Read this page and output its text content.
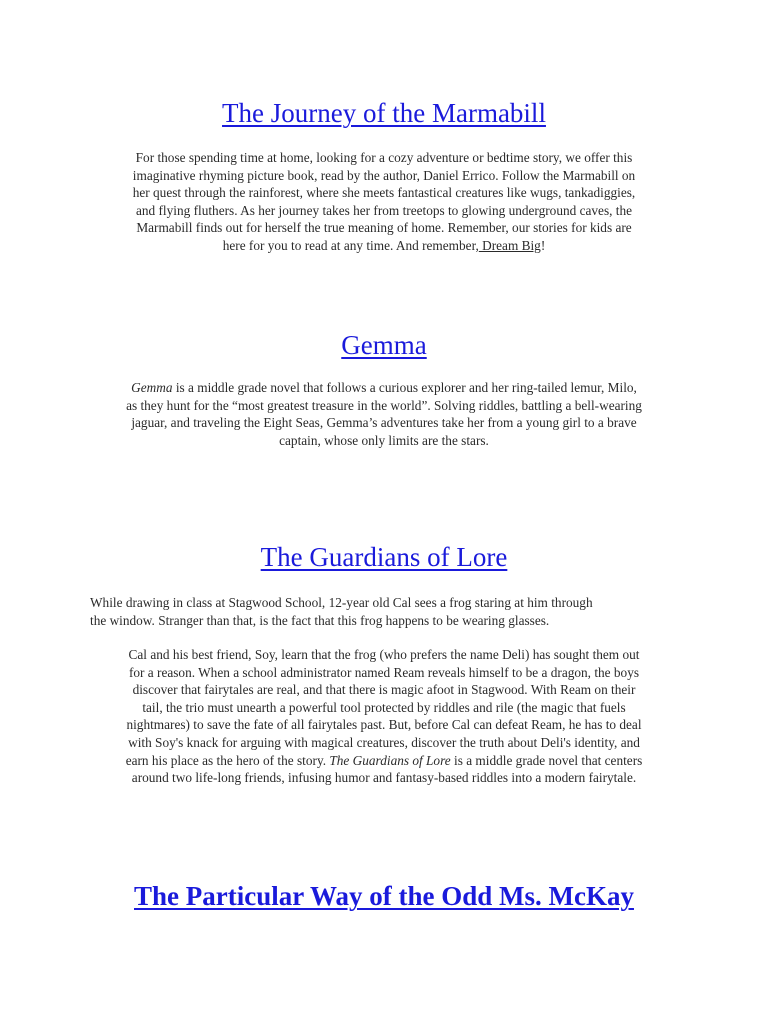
The Journey of the Marmabill
For those spending time at home, looking for a cozy adventure or bedtime story, we offer this
imaginative rhyming picture book, read by the author, Daniel Errico. Follow the Marmabill on
her quest through the rainforest, where she meets fantastical creatures like wugs, tankadiggies,
and flying fluthers. As her journey takes her from treetops to glowing underground caves, the
Marmabill finds out for herself the true meaning of home. Remember, our stories for kids are
here for you to read at any time. And remember, Dream Big!
Gemma
Gemma is a middle grade novel that follows a curious explorer and her ring-tailed lemur, Milo,
as they hunt for the “most greatest treasure in the world”. Solving riddles, battling a bell-wearing
jaguar, and traveling the Eight Seas, Gemma’s adventures take her from a young girl to a brave
captain, whose only limits are the stars.
The Guardians of Lore
While drawing in class at Stagwood School, 12-year old Cal sees a frog staring at him through
the window. Stranger than that, is the fact that this frog happens to be wearing glasses.
Cal and his best friend, Soy, learn that the frog (who prefers the name Deli) has sought them out
for a reason. When a school administrator named Ream reveals himself to be a dragon, the boys
discover that fairytales are real, and that there is magic afoot in Stagwood. With Ream on their
tail, the trio must unearth a powerful tool protected by riddles and rile (the magic that fuels
nightmares) to save the fate of all fairytales past. But, before Cal can defeat Ream, he has to deal
with Soy's knack for arguing with magical creatures, discover the truth about Deli's identity, and
earn his place as the hero of the story. The Guardians of Lore is a middle grade novel that centers
around two life-long friends, infusing humor and fantasy-based riddles into a modern fairytale.
The Particular Way of the Odd Ms. McKay
